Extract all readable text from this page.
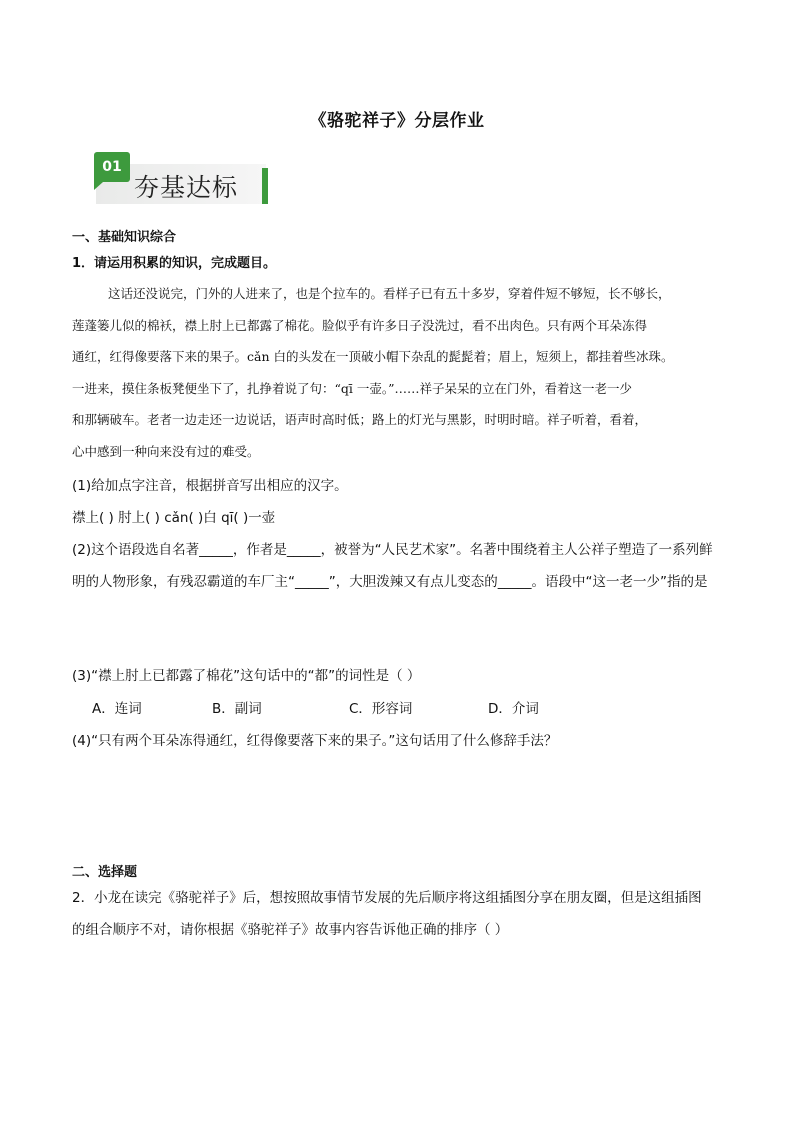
《骆驼祥子》分层作业
01
夯基达标
一、基础知识综合
1．请运用积累的知识，完成题目。

这话还没说完，门外的人进来了，也是个拉车的。看样子已有五十多岁，穿着件短不够短，长不够长，

莲蓬篓儿似的棉袄，襟上肘上已都露了棉花。脸似乎有许多日子没洗过，看不出肉色。只有两个耳朵冻得

通红，红得像要落下来的果子。cǎn 白的头发在一顶破小帽下杂乱的髭髭着；眉上，短须上，都挂着些冰珠。

一进来，摸住条板凳便坐下了，扎挣着说了句：“qī 一壶。”……祥子呆呆的立在门外，看着这一老一少

和那辆破车。老者一边走还一边说话，语声时高时低；路上的灯光与黑影，时明时暗。祥子听着，看着，

心中感到一种向来没有过的难受。

(1)给加点字注音，根据拼音写出相应的汉字。
襟上( ) 肘上( ) cǎn( )白 qī( )一壶
(2)这个语段选自名著_____，作者是_____，被誉为“人民艺术家”。名著中围绕着主人公祥子塑造了一系列鲜
明的人物形象，有残忍霸道的车厂主“_____”，大胆泼辣又有点儿变态的_____。语段中“这一老一少”指的是
(3)“襟上肘上已都露了棉花”这句话中的“都”的词性是（ ）
A．连词	B．副词	C．形容词	D．介词
(4)“只有两个耳朵冻得通红，红得像要落下来的果子。”这句话用了什么修辞手法？
二、选择题
2．小龙在读完《骆驼祥子》后，想按照故事情节发展的先后顺序将这组插图分享在朋友圈，但是这组插图
的组合顺序不对，请你根据《骆驼祥子》故事内容告诉他正确的排序（ ）
